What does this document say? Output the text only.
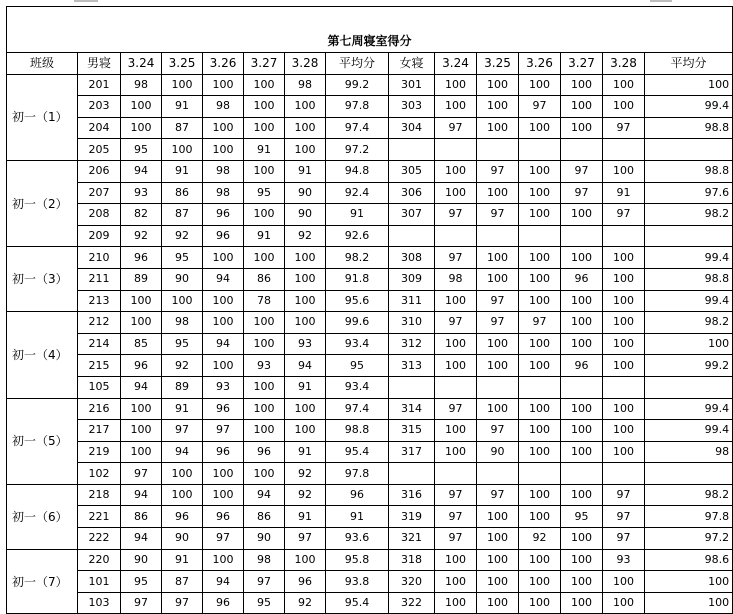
第七周寝室得分														
班级	男寝	3.24	3.25	3.26	3.27	3.28	平均分	女寝	3.24	3.25	3.26	3.27	3.28	平均分
初一（1）	201	98	100	100	100	98	99.2	301	100	100	100	100	100	100
	203	100	91	98	100	100	97.8	303	100	100	97	100	100	99.4
	204	100	87	100	100	100	97.4	304	97	100	100	100	97	98.8
	205	95	100	100	91	100	97.2							
初一（2）	206	94	91	98	100	91	94.8	305	100	97	100	97	100	98.8
	207	93	86	98	95	90	92.4	306	100	100	100	97	91	97.6
	208	82	87	96	100	90	91	307	97	97	100	100	97	98.2
	209	92	92	96	91	92	92.6							
初一（3）	210	96	95	100	100	100	98.2	308	97	100	100	100	100	99.4
	211	89	90	94	86	100	91.8	309	98	100	100	96	100	98.8
	213	100	100	100	78	100	95.6	311	100	97	100	100	100	99.4
初一（4）	212	100	98	100	100	100	99.6	310	97	97	97	100	100	98.2
	214	85	95	94	100	93	93.4	312	100	100	100	100	100	100
	215	96	92	100	93	94	95	313	100	100	100	96	100	99.2
	105	94	89	93	100	91	93.4							
初一（5）	216	100	91	96	100	100	97.4	314	97	100	100	100	100	99.4
	217	100	97	97	100	100	98.8	315	100	97	100	100	100	99.4
	219	100	94	96	96	91	95.4	317	100	90	100	100	100	98
	102	97	100	100	100	92	97.8							
初一（6）	218	94	100	100	94	92	96	316	97	97	100	100	97	98.2
	221	86	96	96	86	91	91	319	97	100	100	95	97	97.8
	222	94	90	97	90	97	93.6	321	97	100	92	100	97	97.2
初一（7）	220	90	91	100	98	100	95.8	318	100	100	100	100	93	98.6
	101	95	87	94	97	96	93.8	320	100	100	100	100	100	100
	103	97	97	96	95	92	95.4	322	100	100	100	100	100	100
